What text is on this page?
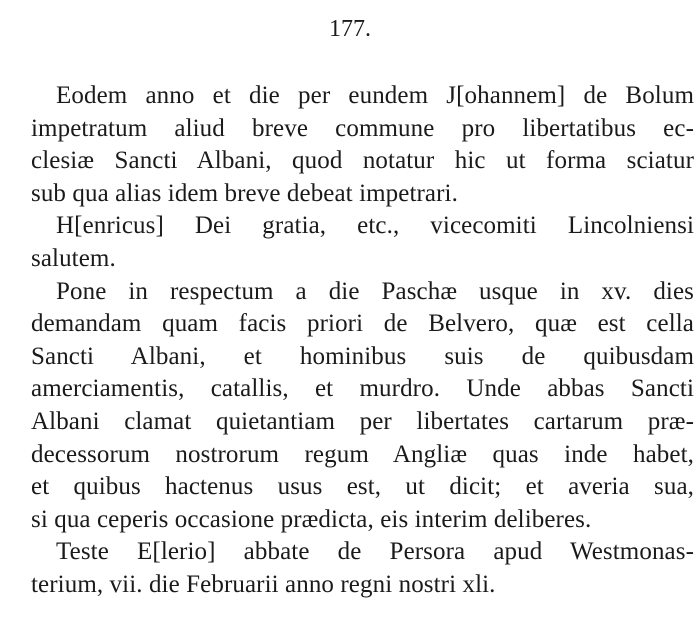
177.

Eodem anno et die per eundem J[ohannem] de Bolum
impetratum aliud breve commune pro libertatibus ec-
clesiæ Sancti Albani, quod notatur hic ut forma sciatur
sub qua alias idem breve debeat impetrari.

H[enricus] Dei gratia, etc., vicecomiti Lincolniensi
salutem.

Pone in respectum a die Paschæ usque in xv. dies
demandam quam facis priori de Belvero, quæ est cella
Sancti Albani, et hominibus suis de quibusdam
amerciamentis, catallis, et murdro. Unde abbas Sancti
Albani clamat quietantiam per libertates cartarum præ-
decessorum nostrorum regum Angliæ quas inde habet,
et quibus hactenus usus est, ut dicit; et averia sua,
si qua ceperis occasione prædicta, eis interim deliberes.

Teste E[lerio] abbate de Persora apud Westmonas-
terium, vii. die Februarii anno regni nostri xli.
